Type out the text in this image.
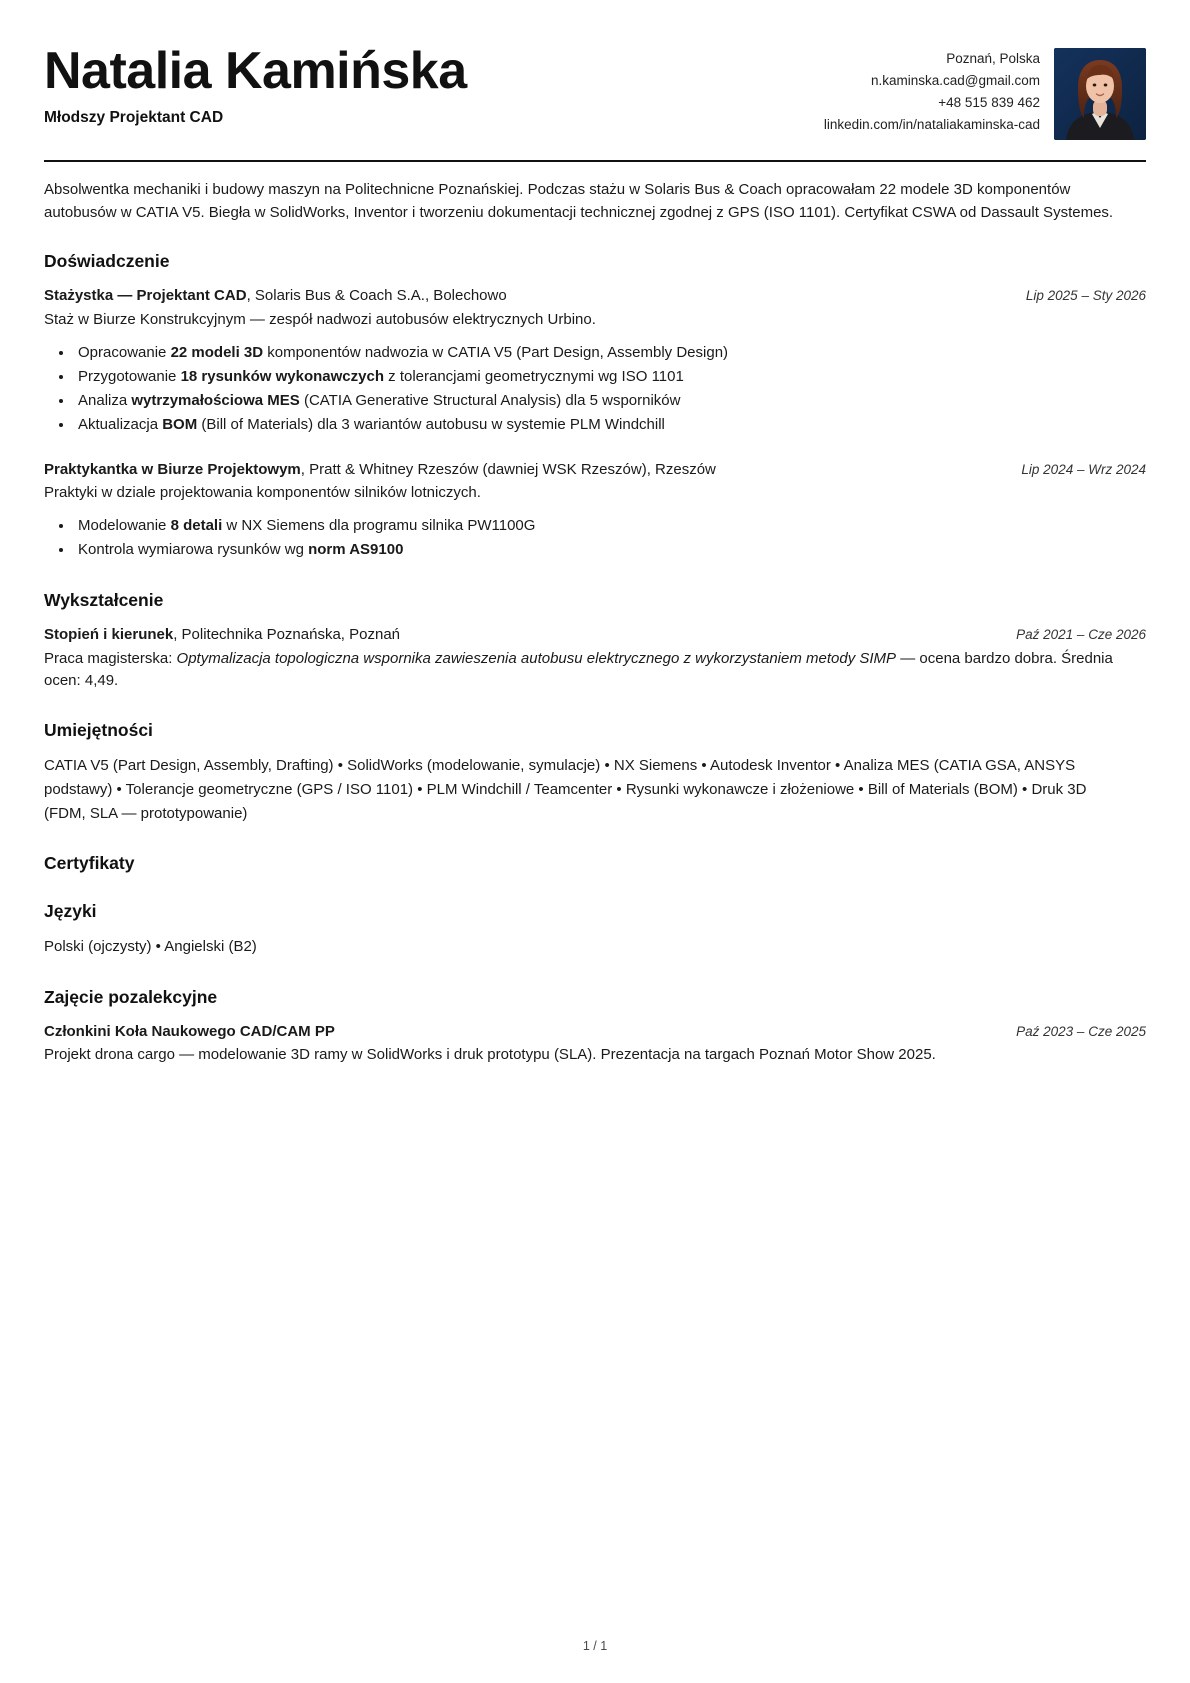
Natalia Kamińska
Młodszy Projektant CAD
Poznań, Polska
n.kaminska.cad@gmail.com
+48 515 839 462
linkedin.com/in/nataliakaminska-cad
Absolwentka mechaniki i budowy maszyn na Politechnicne Poznańskiej. Podczas stażu w Solaris Bus & Coach opracowałam 22 modele 3D komponentów autobusów w CATIA V5. Biegła w SolidWorks, Inventor i tworzeniu dokumentacji technicznej zgodnej z GPS (ISO 1101). Certyfikat CSWA od Dassault Systemes.
Doświadczenie
Stażystka — Projektant CAD, Solaris Bus & Coach S.A., Bolechowo	Lip 2025 – Sty 2026
Staż w Biurze Konstrukcyjnym — zespół nadwozi autobusów elektrycznych Urbino.
• Opracowanie 22 modeli 3D komponentów nadwozia w CATIA V5 (Part Design, Assembly Design)
• Przygotowanie 18 rysunków wykonawczych z tolerancjami geometrycznymi wg ISO 1101
• Analiza wytrzymałościowa MES (CATIA Generative Structural Analysis) dla 5 wsporników
• Aktualizacja BOM (Bill of Materials) dla 3 wariantów autobusu w systemie PLM Windchill
Praktykantka w Biurze Projektowym, Pratt & Whitney Rzeszów (dawniej WSK Rzeszów), Rzeszów	Lip 2024 – Wrz 2024
Praktyki w dziale projektowania komponentów silników lotniczych.
• Modelowanie 8 detali w NX Siemens dla programu silnika PW1100G
• Kontrola wymiarowa rysunków wg norm AS9100
Wykształcenie
Stopień i kierunek, Politechnika Poznańska, Poznań	Paź 2021 – Cze 2026
Praca magisterska: Optymalizacja topologiczna wspornika zawieszenia autobusu elektrycznego z wykorzystaniem metody SIMP — ocena bardzo dobra. Średnia ocen: 4,49.
Umiejętności
CATIA V5 (Part Design, Assembly, Drafting) • SolidWorks (modelowanie, symulacje) • NX Siemens • Autodesk Inventor • Analiza MES (CATIA GSA, ANSYS podstawy) • Tolerancje geometryczne (GPS / ISO 1101) • PLM Windchill / Teamcenter • Rysunki wykonawcze i złożeniowe • Bill of Materials (BOM) • Druk 3D (FDM, SLA — prototypowanie)
Certyfikaty
Języki
Polski (ojczysty) • Angielski (B2)
Zajęcie pozalekcyjne
Członkini Koła Naukowego CAD/CAM PP	Paź 2023 – Cze 2025
Projekt drona cargo — modelowanie 3D ramy w SolidWorks i druk prototypu (SLA). Prezentacja na targach Poznań Motor Show 2025.
1 / 1
